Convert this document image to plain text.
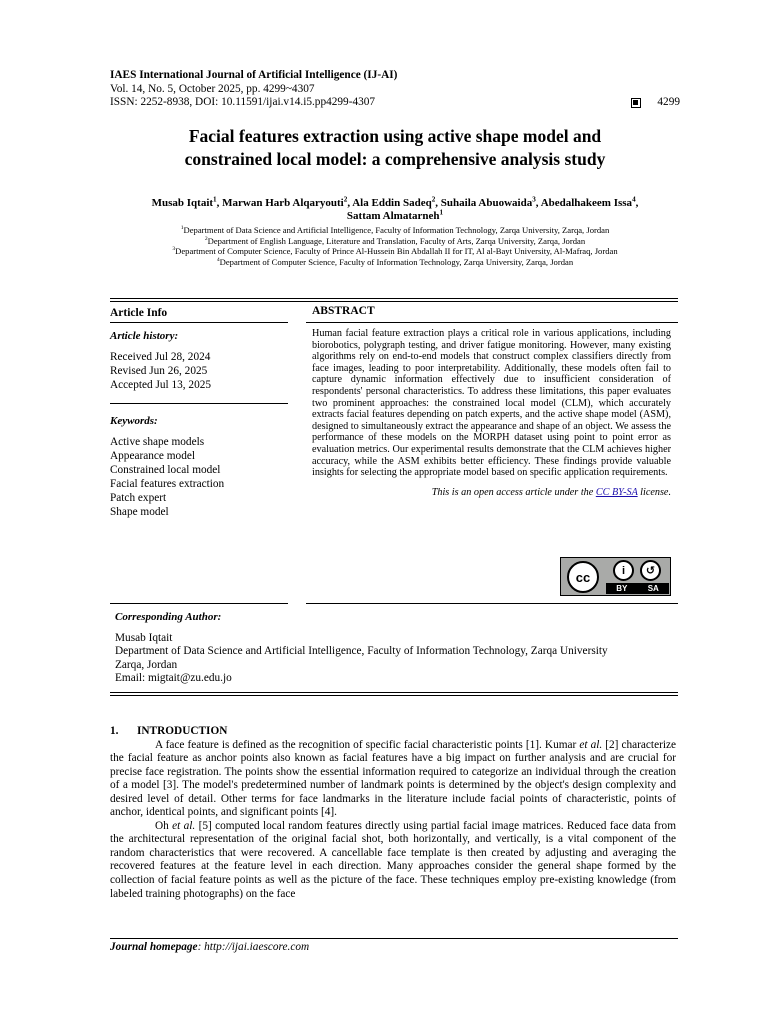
IAES International Journal of Artificial Intelligence (IJ-AI)
Vol. 14, No. 5, October 2025, pp. 4299~4307
ISSN: 2252-8938, DOI: 10.11591/ijai.v14.i5.pp4299-4307	4299
Facial features extraction using active shape model and
constrained local model: a comprehensive analysis study
Musab Iqtait$^1$, Marwan Harb Alqaryouti$^2$, Ala Eddin Sadeq$^2$, Suhaila Abuowaida$^3$, Abedalhakeem Issa$^4$,
Sattam Almatarneh$^1$
$^1$Department of Data Science and Artificial Intelligence, Faculty of Information Technology, Zarqa University, Zarqa, Jordan
$^2$Department of English Language, Literature and Translation, Faculty of Arts, Zarqa University, Zarqa, Jordan
$^3$Department of Computer Science, Faculty of Prince Al-Hussein Bin Abdallah II for IT, Al al-Bayt University, Al-Mafraq, Jordan
$^4$Department of Computer Science, Faculty of Information Technology, Zarqa University, Zarqa, Jordan
Article Info
Article history:
Received Jul 28, 2024
Revised Jun 26, 2025
Accepted Jul 13, 2025
Keywords:
Active shape models
Appearance model
Constrained local model
Facial features extraction
Patch expert
Shape model
ABSTRACT
Human facial feature extraction plays a critical role in various applications, including biorobotics, polygraph testing, and driver fatigue monitoring. However, many existing algorithms rely on end-to-end models that construct complex classifiers directly from face images, leading to poor interpretability. Additionally, these models often fail to capture dynamic information effectively due to insufficient consideration of respondents' personal characteristics. To address these limitations, this paper evaluates two prominent approaches: the constrained local model (CLM), which accurately extracts facial features depending on patch experts, and the active shape model (ASM), designed to simultaneously extract the appearance and shape of an object. We assess the performance of these models on the MORPH dataset using point to point error as evaluation metrics. Our experimental results demonstrate that the CLM achieves higher accuracy, while the ASM exhibits better efficiency. These findings provide valuable insights for selecting the appropriate model based on specific application requirements.
This is an open access article under the CC BY-SA license.
cc	i	↺
BY	SA
Corresponding Author:
Musab Iqtait
Department of Data Science and Artificial Intelligence, Faculty of Information Technology, Zarqa University
Zarqa, Jordan
Email: migtait@zu.edu.jo
1. INTRODUCTION

A face feature is defined as the recognition of specific facial characteristic points [1]. Kumar et al. [2] characterize the facial feature as anchor points also known as facial features have a big impact on further analysis and are crucial for precise face registration. The points show the essential information required to categorize an individual through the creation of a model [3]. The model's predetermined number of landmark points is determined by the object's design complexity and desired level of detail. Other terms for face landmarks in the literature include facial points of characteristic, points of anchor, identical points, and significant points [4].

Oh et al. [5] computed local random features directly using partial facial image matrices. Reduced face data from the architectural representation of the original facial shot, both horizontally, and vertically, is a vital component of the random characteristics that were recovered. A cancellable face template is then created by adjusting and averaging the recovered features at the feature level in each direction. Many approaches consider the general shape formed by the collection of facial feature points as well as the picture of the face. These techniques employ pre-existing knowledge (from labeled training photographs) on the face

Journal homepage: http://ijai.iaescore.com
